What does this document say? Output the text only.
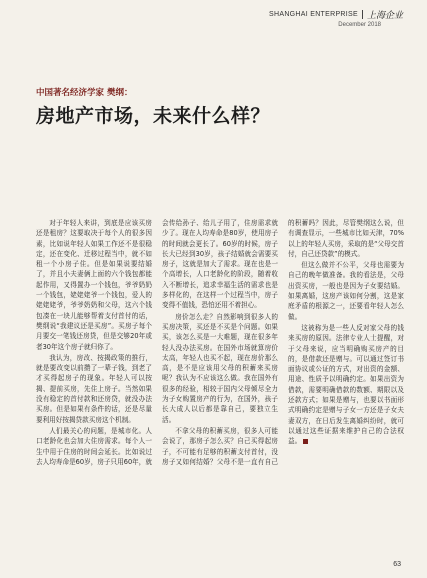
SHANGHAI ENTERPRISE 上海企业
December 2018
中国著名经济学家 樊纲：
房地产市场，未来什么样？

对于年轻人来讲，到底是应该买房还是租房？这要取决于每个人的很多因素，比如说年轻人如果工作还不是很稳定，还在变化、迁移过程当中，就不如租一个小房子住。但是如果说要结婚了，并且小夫妻俩上面的六个钱包都能起作用，又得置办一个钱包，爷爷奶奶一个钱包，姥姥姥爷一个钱包，爱人的姥姥姥爷，爷爷奶奶和父母，这六个钱包凑在一块儿能够帮着支付首付的话，樊纲说“我建议还是买房”。买房子每个月要交一笔钱还房贷，但是交够20年或者30年这个房子就归你了。

我认为，房改、按揭政策的推行，就是要改变以前攒了一辈子钱，到老了才买得起房子的现象。年轻人可以按揭、提前买房，先住上房子。当然如果没有稳定的首付款和还房贷，就没办法买房。但是如果有条件的话，还是尽量要利用好按揭贷款买房这个机制。

人们最关心的问题，是城市化。人口老龄化也会加大住房需求。每个人一生中用于住房的时间会延长。比如说过去人均寿命是60岁，房子只用60年，就会传给孙子、给儿子用了，住房需求就少了。现在人均寿命是80岁，使用房子的时间就会更长了。60岁的时候，房子长大已经到30岁，孩子结婚就会需要买房子，这就是加大了需求。现在也是一个高增长，人口老龄化的阶段，随着收入不断增长，追求幸福生活的需求也是多样化的，在这样一个过程当中，房子变得不值钱，恐怕还用不着担心。

房价怎么走？自然影响到很多人的买房决策，买还是不买是个问题。如果买，该怎么买是一大难题，现在很多年轻人没办法买房。在国外市场就算房价太高，年轻人也买不起，现在房价那么高，是不是应该用父母的积蓄来买房呢？我认为不应该这么做。我在国外有很多的经验，相较于国内父母倾尽全力为子女购置房产的行为，在国外，孩子长大成人以后都是靠自己，要独立生活。

不拿父母的积蓄买房，很多人可能会说了，那房子怎么买？自己买得起房子，不可能有足够的积蓄支付首付，没房子又如何结婚？父母不是一直有自己的积蓄吗？因此，尽管樊纲这么说，但有调查显示，一些城市比如天津，70%以上的年轻人买房，采取的是“父母交首付，自己还贷款”的模式。

但这么做并不公平，父母也需要为自己的晚年做准备。我的看法是，父母出资买房，一般也是因为子女要结婚。如果离婚，这房产该如何分割，这是家庭矛盾的根源之一，还要看年轻人怎么做。

这被称为是一些人反对家父母的钱来买房的原因。法律专业人士提醒，对于父母来说，应当明确购买房产的目的，是借款还是赠与。可以通过签订书面协议或公证的方式，对出资的金额、用途、性质予以明确约定。如果出资为借款，需要明确借款的数额、期限以及还款方式；如果是赠与，也要以书面形式明确约定是赠与子女一方还是子女夫妻双方，在日后发生离婚纠纷时，就可以通过这些证据来维护自己的合法权益。

63
